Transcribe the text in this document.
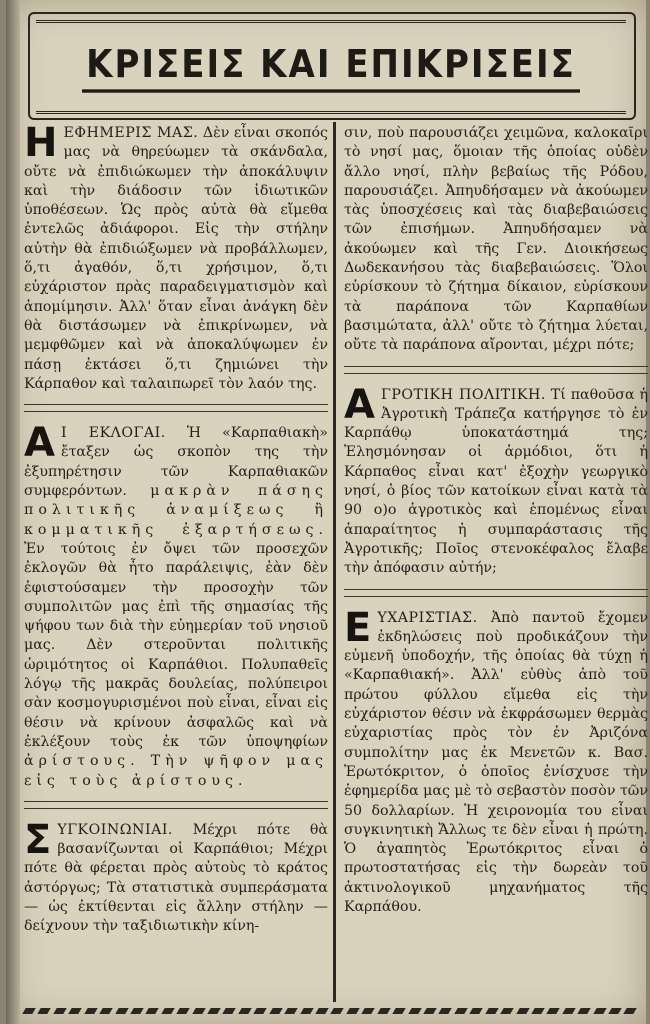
ΚΡΙΣΕΙΣ ΚΑΙ ΕΠΙΚΡΙΣΕΙΣ

ΗΕΦΗΜΕΡΙΣ ΜΑΣ. Δὲν εἶναι σκοπός μας νὰ θηρεύωμεν τὰ σκάνδαλα, οὔτε νὰ ἐπιδιώκωμεν τὴν ἀποκάλυψιν καὶ τὴν διάδοσιν τῶν ἰδιωτικῶν ὑποθέσεων. Ὡς πρὸς αὐτὰ θὰ εἴμεθα ἐντελῶς ἀδιάφοροι. Εἰς τὴν στήλην αὐτὴν θὰ ἐπιδιώξωμεν νὰ προβάλλωμεν, ὅ,τι ἀγαθόν, ὅ,τι χρήσιμον, ὅ,τι εὐχάριστον πρὰς παραδειγματισμὸν καὶ ἀπομίμησιν. Ἀλλ' ὅταν εἶναι ἀνάγκη δὲν θὰ διστάσωμεν νὰ ἐπικρίνωμεν, νὰ μεμφθῶμεν καὶ νὰ ἀποκαλύψωμεν ἐν πάσῃ ἐκτάσει ὅ,τι ζημιώνει τὴν Κάρπαθον καὶ ταλαιπωρεῖ τὸν λαόν της.

Α Ι ΕΚΛΟΓΑΙ. Ἡ «Καρπαθιακὴ» ἔταξεν ὡς σκοπὸν της τὴν ἐξυπηρέτησιν τῶν Καρπαθιακῶν συμφερόντων. μακρὰν πάσης πολιτικῆς ἀναμίξεως ἢ κομματικῆς ἐξαρτήσεως. Ἐν τούτοις ἐν ὄψει τῶν προσεχῶν ἐκλογῶν θὰ ἦτο παράλειψις, ἐὰν δὲν ἐφιστούσαμεν τὴν προσοχὴν τῶν συμπολιτῶν μας ἐπὶ τῆς σημασίας τῆς ψήφου των διὰ τὴν εὐημερίαν τοῦ νησιοῦ μας. Δὲν στεροῦνται πολιτικῆς ὡριμότητος οἱ Καρπάθιοι. Πολυπαθεῖς λόγῳ τῆς μακρᾶς δουλείας, πολύπειροι σὰν κοσμογυρισμένοι ποὺ εἶναι, εἶναι εἰς θέσιν νὰ κρίνουν ἀσφαλῶς καὶ νὰ ἐκλέξουν τοὺς ἐκ τῶν ὑποψηφίων ἀρίστους. Τὴν ψῆφον μας εἰς τοὺς ἀρίστους.

ΣΥΓΚΟΙΝΩΝΙΑΙ. Μέχρι πότε θὰ βασανίζωνται οἱ Καρπάθιοι; Μέχρι πότε θὰ φέρεται πρὸς αὐτοὺς τὸ κράτος ἀστόργως; Τὰ στατιστικὰ συμπεράσματα — ὡς ἐκτίθενται εἰς ἄλλην στήλην — δείχνουν τὴν ταξιδιωτικὴν κίνη-

σιν, ποὺ παρουσιάζει χειμῶνα, καλοκαῖρι τὸ νησί μας, ὅμοιαν τῆς ὁποίας οὐδὲν ἄλλο νησί, πλὴν βεβαίως τῆς Ρόδου, παρουσιάζει. Ἀπηυδήσαμεν νὰ ἀκούωμεν τὰς ὑποσχέσεις καὶ τὰς διαβεβαιώσεις τῶν ἐπισήμων. Ἀπηυδήσαμεν νὰ ἀκούωμεν καὶ τῆς Γεν. Διοικήσεως Δωδεκανήσου τὰς διαβεβαιώσεις. Ὅλοι εὑρίσκουν τὸ ζήτημα δίκαιον, εὑρίσκουν τὰ παράπονα τῶν Καρπαθίων βασιμώτατα, ἀλλ' οὔτε τὸ ζήτημα λύεται, οὔτε τὰ παράπονα αἴρονται, μέχρι πότε;

ΑΓΡΟΤΙΚΗ ΠΟΛΙΤΙΚΗ. Τί παθοῦσα ἡ Ἀγροτικὴ Τράπεζα κατήργησε τὸ ἐν Καρπάθῳ ὑποκατάστημά της; Ἐλησμόνησαν οἱ ἁρμόδιοι, ὅτι ἡ Κάρπαθος εἶναι κατ' ἐξοχὴν γεωργικὸ νησί, ὁ βίος τῶν κατοίκων εἶναι κατὰ τὰ 90 ο)ο ἀγροτικὸς καὶ ἑπομένως εἶναι ἀπαραίτητος ἡ συμπαράστασις τῆς Ἀγροτικῆς; Ποῖος στενοκέφαλος ἔλαβε τὴν ἀπόφασιν αὐτήν;

ΕΥΧΑΡΙΣΤΙΑΣ. Ἀπὸ παντοῦ ἔχομεν ἐκδηλώσεις ποὺ προδικάζουν τὴν εὐμενῆ ὑποδοχήν, τῆς ὁποίας θὰ τύχῃ ἡ «Καρπαθιακή». Ἀλλ' εὐθὺς ἀπὸ τοῦ πρώτου φύλλου εἴμεθα εἰς τὴν εὐχάριστον θέσιν νὰ ἐκφράσωμεν θερμὰς εὐχαριστίας πρὸς τὸν ἐν Ἀριζόνα συμπολίτην μας ἐκ Μενετῶν κ. Βασ. Ἐρωτόκριτον, ὁ ὁποῖος ἐνίσχυσε τὴν ἐφημερίδα μας μὲ τὸ σεβαστὸν ποσὸν τῶν 50 δολλαρίων. Ἡ χειρονομία του εἶναι συγκινητικὴ Ἄλλως τε δὲν εἶναι ἡ πρώτη. Ὁ ἀγαπητὸς Ἐρωτόκριτος εἶναι ὁ πρωτοστατήσας εἰς τὴν δωρεὰν τοῦ ἀκτινολογικοῦ μηχανήματος τῆς Καρπάθου.
